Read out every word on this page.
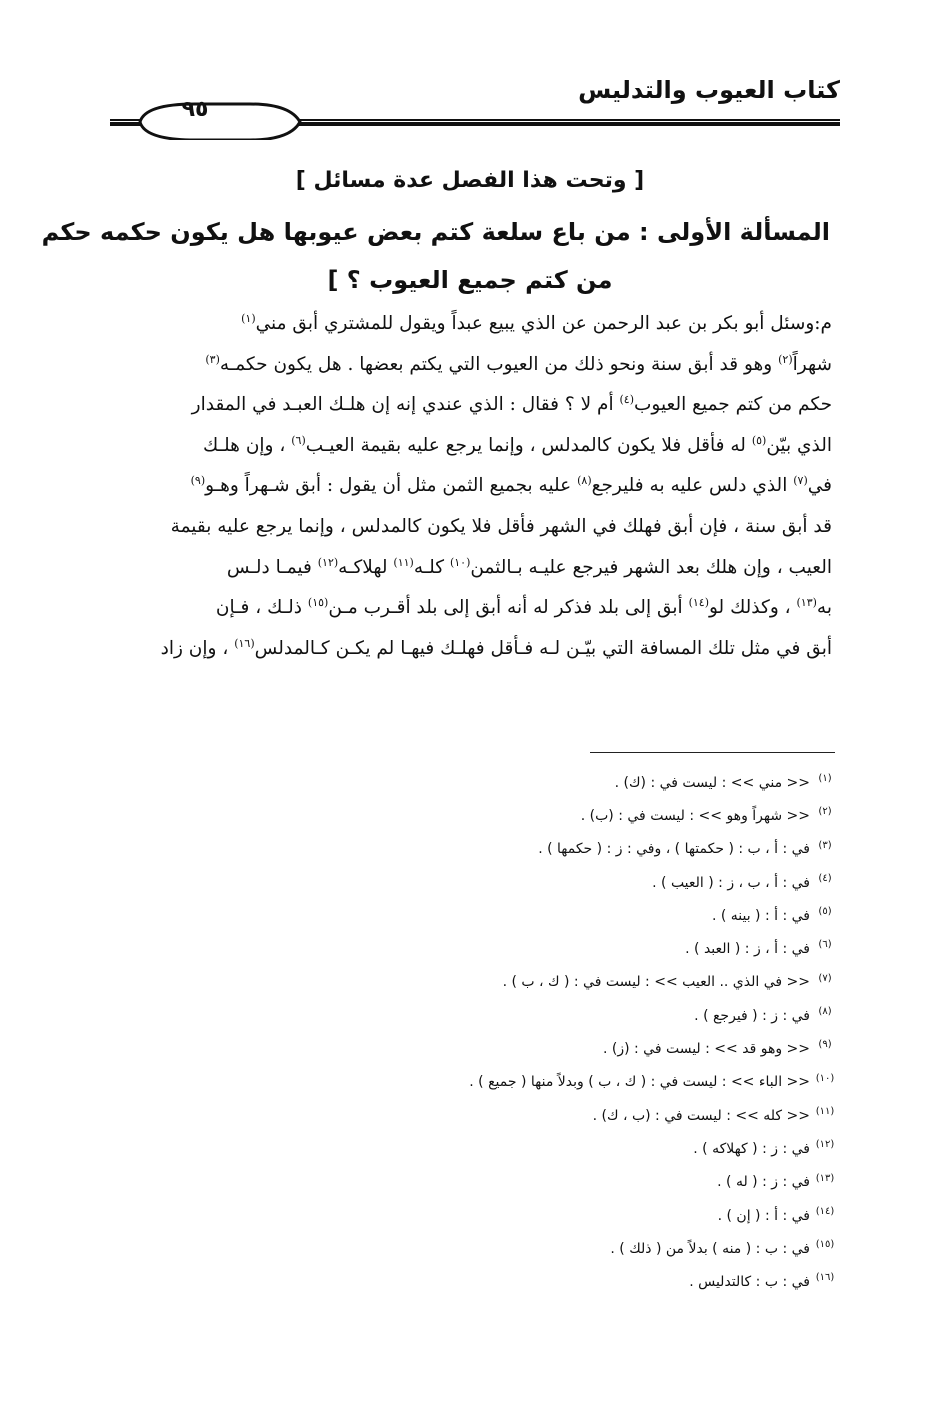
كتاب العيوب والتدليس
٩٥
[ وتحت هذا الفصل عدة مسائل ]
المسألة الأولى : من باع سلعة كتم بعض عيوبها هل يكون حكمه حكم
من كتم جميع العيوب ؟ ]
م:وسئل أبو بكر بن عبد الرحمن عن الذي يبيع عبداً ويقول للمشتري أبق مني$^{(١)}$
شهراً$^{(٢)}$ وهو قد أبق سنة ونحو ذلك من العيوب التي يكتم بعضها . هل يكون حكمـه$^{(٣)}$
حكم من كتم جميع العيوب$^{(٤)}$ أم لا ؟ فقال : الذي عندي إنه إن هلـك العبـد في المقدار
الذي بيّن$^{(٥)}$ له فأقل فلا يكون كالمدلس ، وإنما يرجع عليه بقيمة العيـب$^{(٦)}$ ، وإن هلـك
في$^{(٧)}$ الذي دلس عليه به فليرجع$^{(٨)}$ عليه بجميع الثمن مثل أن يقول : أبق شـهراً وهـو$^{(٩)}$
قد أبق سنة ، فإن أبق فهلك في الشهر فأقل فلا يكون كالمدلس ، وإنما يرجع عليه بقيمة
العيب ، وإن هلك بعد الشهر فيرجع عليـه بـالثمن$^{(١٠)}$ كلـه$^{(١١)}$ لهلاكـه$^{(١٢)}$ فيمـا دلـس
به$^{(١٣)}$ ، وكذلك لو$^{(١٤)}$ أبق إلى بلد فذكر له أنه أبق إلى بلد أقـرب مـن$^{(١٥)}$ ذلـك ، فـإن
أبق في مثل تلك المسافة التي بيّـن لـه فـأقل فهلـك فيهـا لم يكـن كـالمدلس$^{(١٦)}$ ، وإن زاد
(١)<< مني >> : ليست في : (ك) .
(٢)<< شهراً وهو >> : ليست في : (ب) .
(٣)في : أ ، ب : ( حكمتها ) ، وفي : ز : ( حكمها ) .
(٤)في : أ ، ب ، ز : ( العيب ) .
(٥)في : أ : ( بينه ) .
(٦)في : أ ، ز : ( العبد ) .
(٧)<< في الذي .. العيب >> : ليست في : ( ك ، ب ) .
(٨)في : ز : ( فيرجع ) .
(٩)<< وهو قد >> : ليست في : (ز) .
(١٠)<< الباء >> : ليست في : ( ك ، ب ) وبدلاً منها ( جميع ) .
(١١)<< كله >> : ليست في : (ب ، ك) .
(١٢)في : ز : ( كهلاكه ) .
(١٣)في : ز : ( له ) .
(١٤)في : أ : ( إن ) .
(١٥)في : ب : ( منه ) بدلاً من ( ذلك ) .
(١٦)في : ب : كالتدليس .
